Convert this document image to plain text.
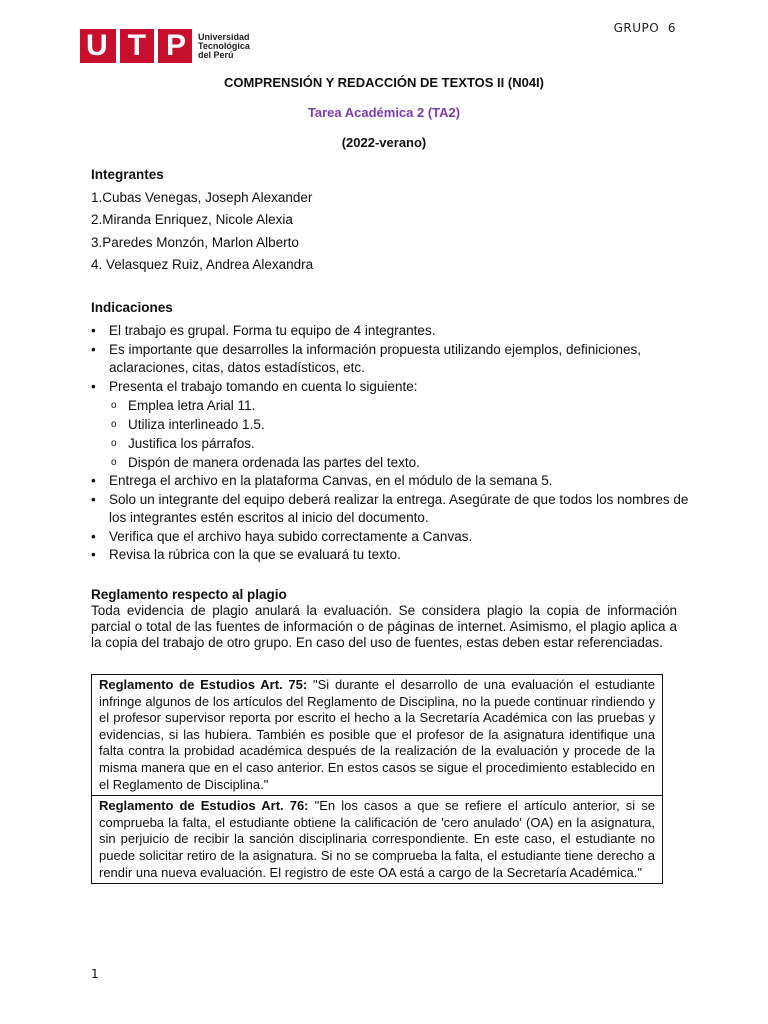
U T P Universidad
Tecnológica
del Perú
GRUPO  6
COMPRENSIÓN Y REDACCIÓN DE TEXTOS II (N04I)
Tarea Académica 2 (TA2)
(2022-verano)
Integrantes
1.Cubas Venegas, Joseph Alexander
2.Miranda Enriquez, Nicole Alexia
3.Paredes Monzón, Marlon Alberto
4. Velasquez Ruiz, Andrea Alexandra
Indicaciones
• El trabajo es grupal. Forma tu equipo de 4 integrantes.
• Es importante que desarrolles la información propuesta utilizando ejemplos, definiciones, aclaraciones, citas, datos estadísticos, etc.
• Presenta el trabajo tomando en cuenta lo siguiente:
o Emplea letra Arial 11.
o Utiliza interlineado 1.5.
o Justifica los párrafos.
o Dispón de manera ordenada las partes del texto.
• Entrega el archivo en la plataforma Canvas, en el módulo de la semana 5.
• Solo un integrante del equipo deberá realizar la entrega. Asegúrate de que todos los nombres de los integrantes estén escritos al inicio del documento.
• Verifica que el archivo haya subido correctamente a Canvas.
• Revisa la rúbrica con la que se evaluará tu texto.
Reglamento respecto al plagio
Toda evidencia de plagio anulará la evaluación. Se considera plagio la copia de información parcial o total de las fuentes de información o de páginas de internet. Asimismo, el plagio aplica a la copia del trabajo de otro grupo. En caso del uso de fuentes, estas deben estar referenciadas.
Reglamento de Estudios Art. 75: "Si durante el desarrollo de una evaluación el estudiante infringe algunos de los artículos del Reglamento de Disciplina, no la puede continuar rindiendo y el profesor supervisor reporta por escrito el hecho a la Secretaría Académica con las pruebas y evidencias, si las hubiera. También es posible que el profesor de la asignatura identifique una falta contra la probidad académica después de la realización de la evaluación y procede de la misma manera que en el caso anterior. En estos casos se sigue el procedimiento establecido en el Reglamento de Disciplina."
Reglamento de Estudios Art. 76: "En los casos a que se refiere el artículo anterior, si se comprueba la falta, el estudiante obtiene la calificación de 'cero anulado' (OA) en la asignatura, sin perjuicio de recibir la sanción disciplinaria correspondiente. En este caso, el estudiante no puede solicitar retiro de la asignatura. Si no se comprueba la falta, el estudiante tiene derecho a rendir una nueva evaluación. El registro de este OA está a cargo de la Secretaría Académica."
1
